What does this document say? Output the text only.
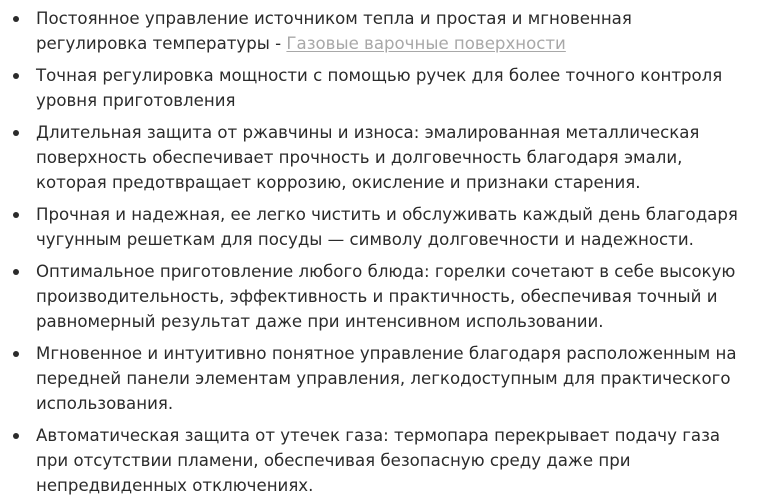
Постоянное управление источником тепла и простая и мгновенная регулировка температуры - Газовые варочные поверхности
Точная регулировка мощности с помощью ручек для более точного контроля уровня приготовления
Длительная защита от ржавчины и износа: эмалированная металлическая поверхность обеспечивает прочность и долговечность благодаря эмали, которая предотвращает коррозию, окисление и признаки старения.
Прочная и надежная, ее легко чистить и обслуживать каждый день благодаря чугунным решеткам для посуды — символу долговечности и надежности.
Оптимальное приготовление любого блюда: горелки сочетают в себе высокую производительность, эффективность и практичность, обеспечивая точный и равномерный результат даже при интенсивном использовании.
Мгновенное и интуитивно понятное управление благодаря расположенным на передней панели элементам управления, легкодоступным для практического использования.
Автоматическая защита от утечек газа: термопара перекрывает подачу газа при отсутствии пламени, обеспечивая безопасную среду даже при непредвиденных отключениях.
